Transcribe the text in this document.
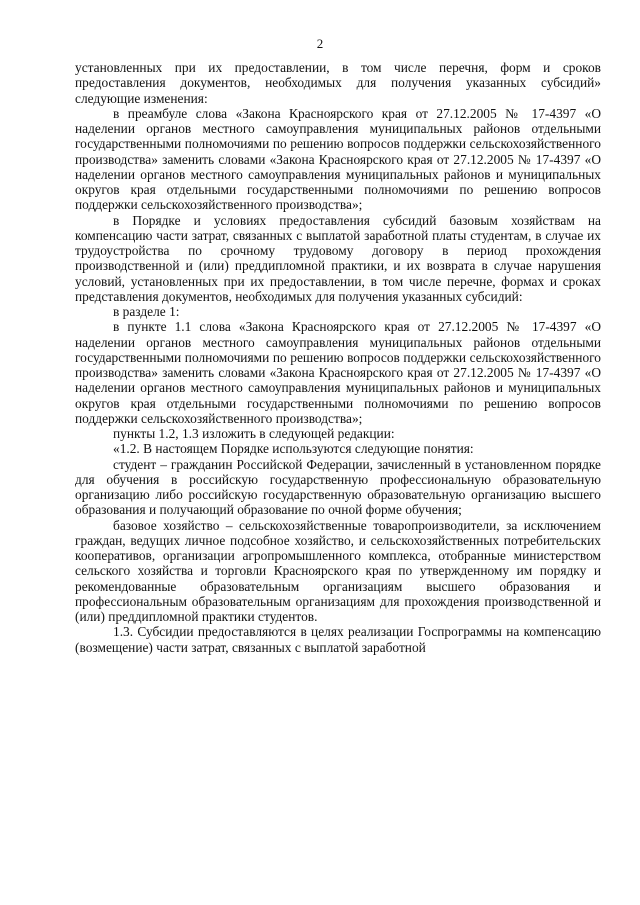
2

установленных при их предоставлении, в том числе перечня, форм и сроков предоставления документов, необходимых для получения указанных субсидий» следующие изменения:

в преамбуле слова «Закона Красноярского края от 27.12.2005 № 17-4397 «О наделении органов местного самоуправления муниципальных районов отдельными государственными полномочиями по решению вопросов поддержки сельскохозяйственного производства» заменить словами «Закона Красноярского края от 27.12.2005 № 17-4397 «О наделении органов местного самоуправления муниципальных районов и муниципальных округов края отдельными государственными полномочиями по решению вопросов поддержки сельскохозяйственного производства»;

в Порядке и условиях предоставления субсидий базовым хозяйствам на компенсацию части затрат, связанных с выплатой заработной платы студентам, в случае их трудоустройства по срочному трудовому договору в период прохождения производственной и (или) преддипломной практики, и их возврата в случае нарушения условий, установленных при их предоставлении, в том числе перечне, формах и сроках представления документов, необходимых для получения указанных субсидий:

в разделе 1:

в пункте 1.1 слова «Закона Красноярского края от 27.12.2005 № 17-4397 «О наделении органов местного самоуправления муниципальных районов отдельными государственными полномочиями по решению вопросов поддержки сельскохозяйственного производства» заменить словами «Закона Красноярского края от 27.12.2005 № 17-4397 «О наделении органов местного самоуправления муниципальных районов и муниципальных округов края отдельными государственными полномочиями по решению вопросов поддержки сельскохозяйственного производства»;

пункты 1.2, 1.3 изложить в следующей редакции:

«1.2. В настоящем Порядке используются следующие понятия:

студент – гражданин Российской Федерации, зачисленный в установленном порядке для обучения в российскую государственную профессиональную образовательную организацию либо российскую государственную образовательную организацию высшего образования и получающий образование по очной форме обучения;

базовое хозяйство – сельскохозяйственные товаропроизводители, за исключением граждан, ведущих личное подсобное хозяйство, и сельскохозяйственных потребительских кооперативов, организации агропромышленного комплекса, отобранные министерством сельского хозяйства и торговли Красноярского края по утвержденному им порядку и рекомендованные образовательным организациям высшего образования и профессиональным образовательным организациям для прохождения производственной и (или) преддипломной практики студентов.

1.3. Субсидии предоставляются в целях реализации Госпрограммы на компенсацию (возмещение) части затрат, связанных с выплатой заработной
